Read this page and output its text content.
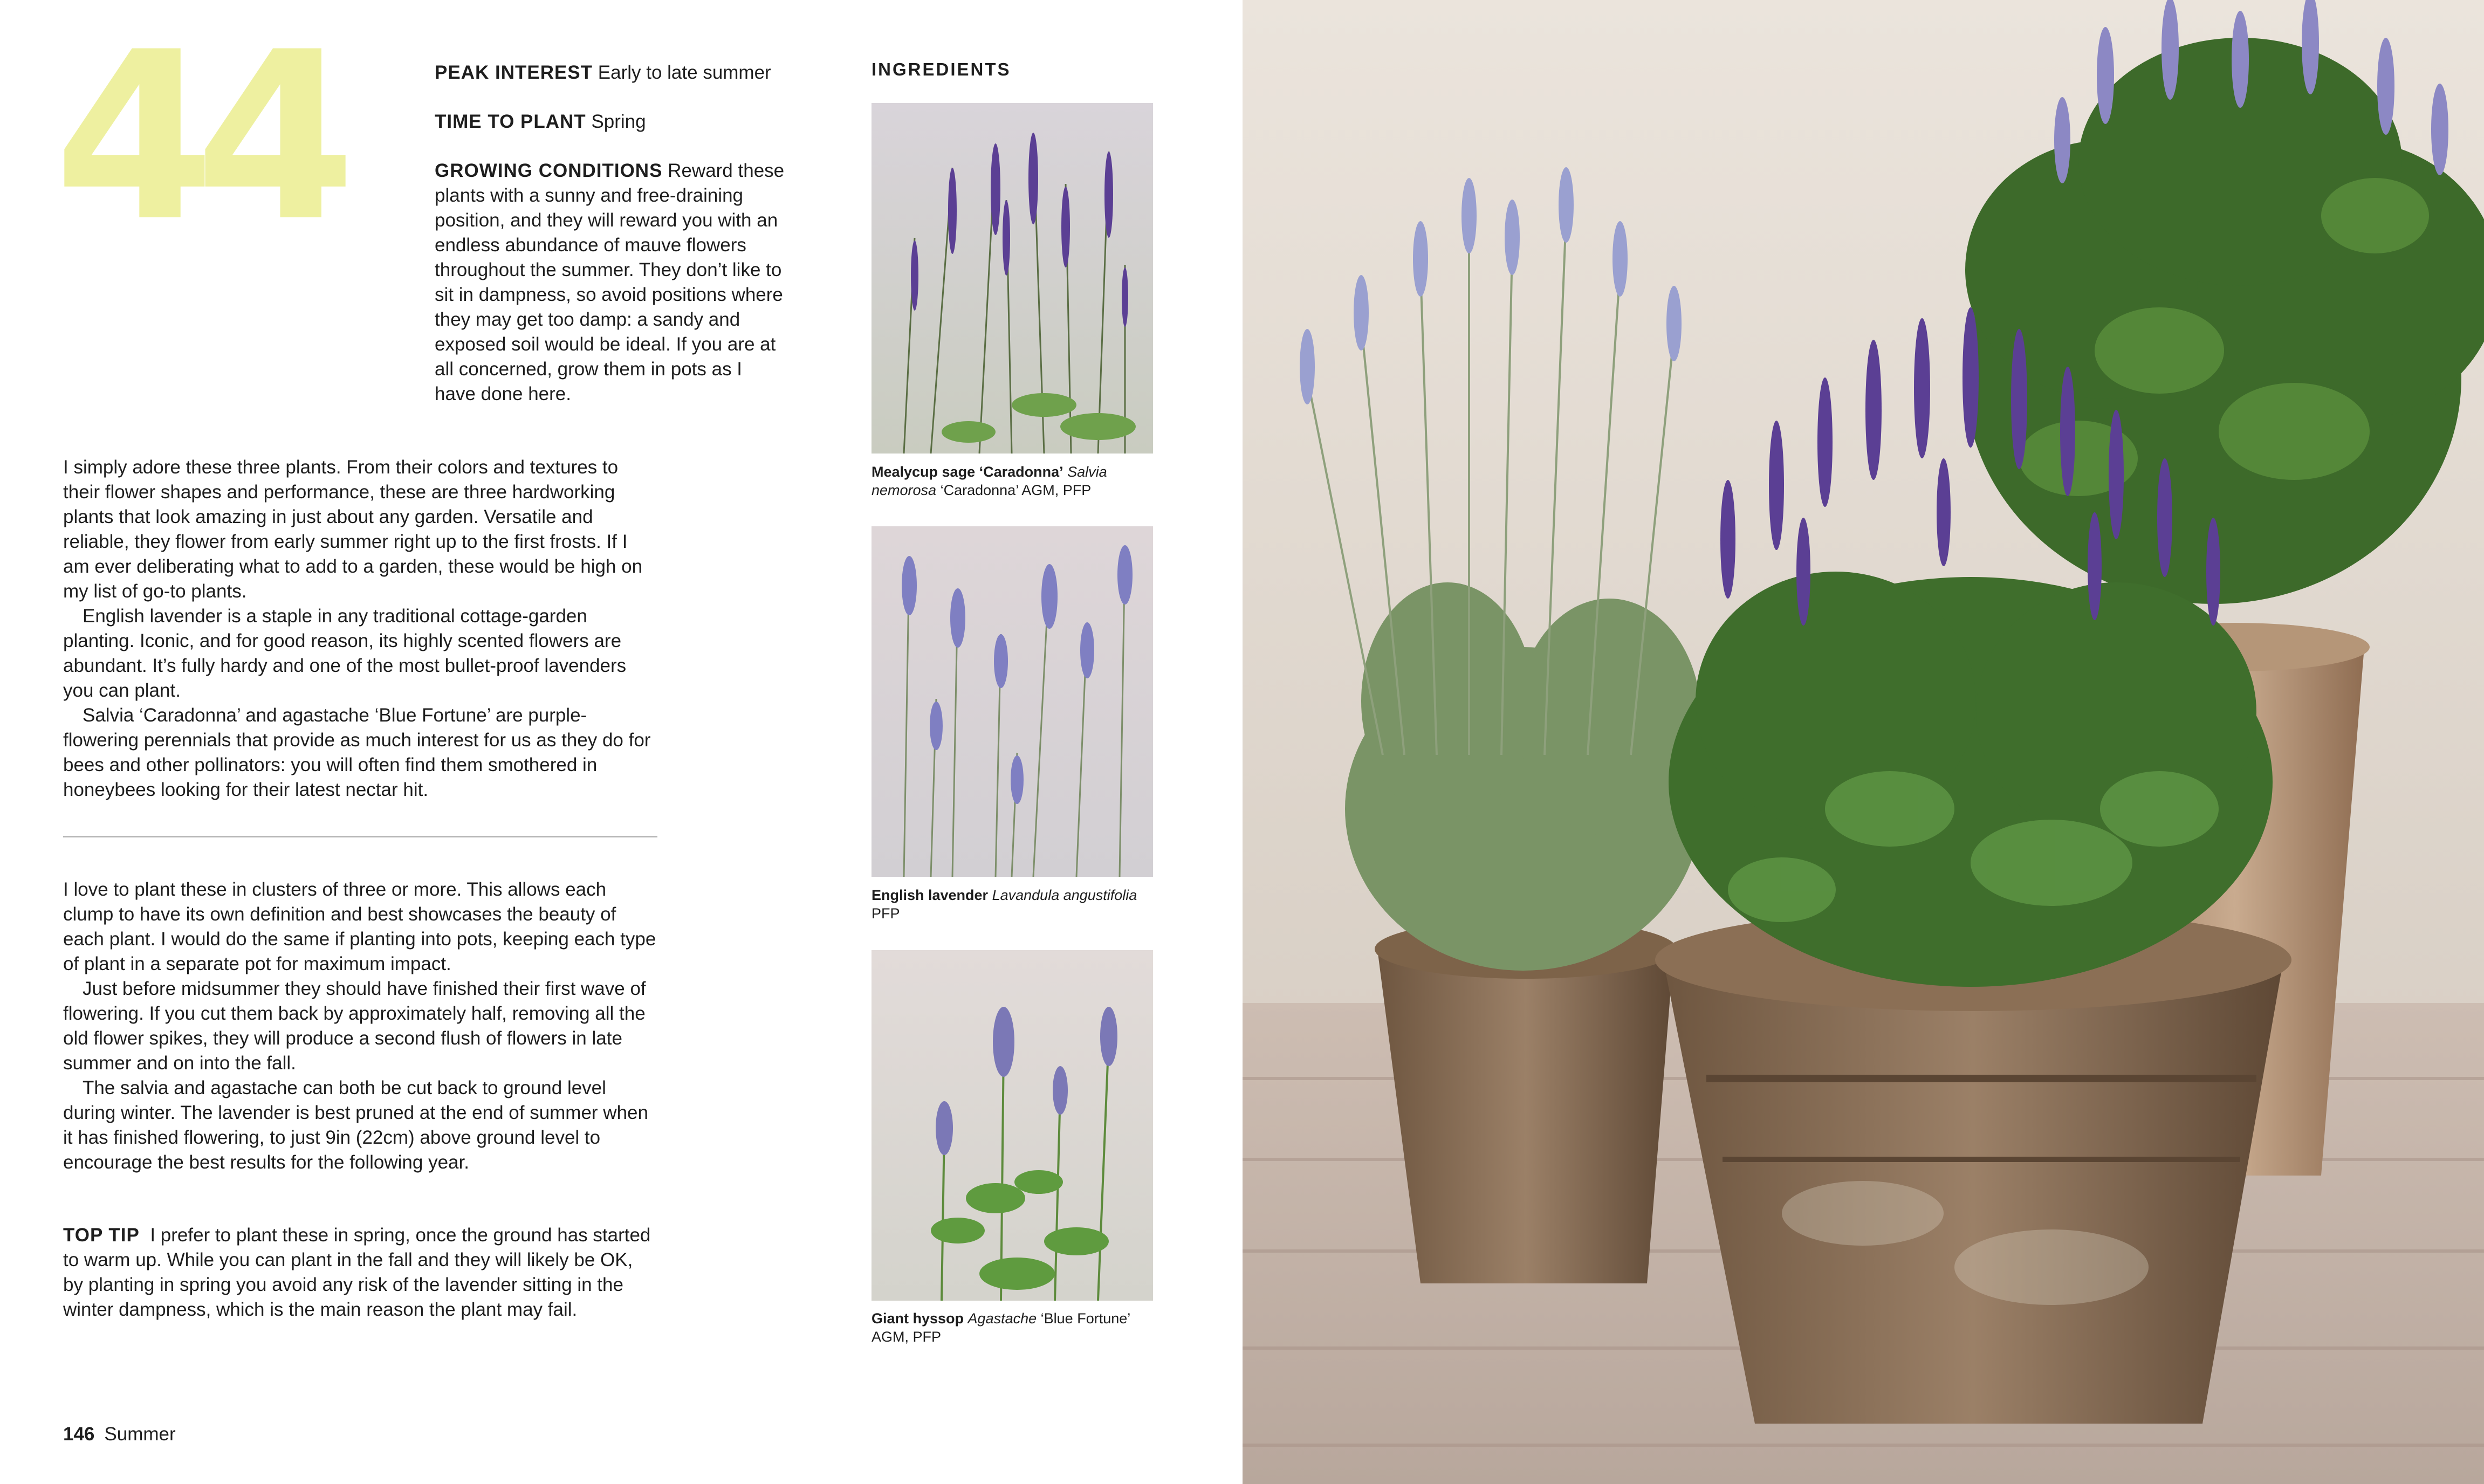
44	PEAK INTEREST Early to late summer
TIME TO PLANT Spring
GROWING CONDITIONS Reward these plants with a sunny and free-draining position, and they will reward you with an endless abundance of mauve flowers throughout the summer. They don’t like to sit in dampness, so avoid positions where they may get too damp: a sandy and exposed soil would be ideal. If you are at all concerned, grow them in pots as I have done here.

I simply adore these three plants. From their colors and textures to their flower shapes and performance, these are three hardworking plants that look amazing in just about any garden. Versatile and reliable, they flower from early summer right up to the first frosts. If I am ever deliberating what to add to a garden, these would be high on my list of go-to plants.

English lavender is a staple in any traditional cottage-garden planting. Iconic, and for good reason, its highly scented flowers are abundant. It’s fully hardy and one of the most bullet-proof lavenders you can plant.

Salvia ‘Caradonna’ and agastache ‘Blue Fortune’ are purple-flowering perennials that provide as much interest for us as they do for bees and other pollinators: you will often find them smothered in honeybees looking for their latest nectar hit.

I love to plant these in clusters of three or more. This allows each clump to have its own definition and best showcases the beauty of each plant. I would do the same if planting into pots, keeping each type of plant in a separate pot for maximum impact.

Just before midsummer they should have finished their first wave of flowering. If you cut them back by approximately half, removing all the old flower spikes, they will produce a second flush of flowers in late summer and on into the fall.

The salvia and agastache can both be cut back to ground level during winter. The lavender is best pruned at the end of summer when it has finished flowering, to just 9in (22cm) above ground level to encourage the best results for the following year.

TOP TIP I prefer to plant these in spring, once the ground has started to warm up. While you can plant in the fall and they will likely be OK, by planting in spring you avoid any risk of the lavender sitting in the winter dampness, which is the main reason the plant may fail.
146 Summer
INGREDIENTS
Mealycup sage ‘Caradonna’ Salvia nemorosa ‘Caradonna’ AGM, PFP
English lavender Lavandula angustifolia PFP
Giant hyssop Agastache ‘Blue Fortune’ AGM, PFP
